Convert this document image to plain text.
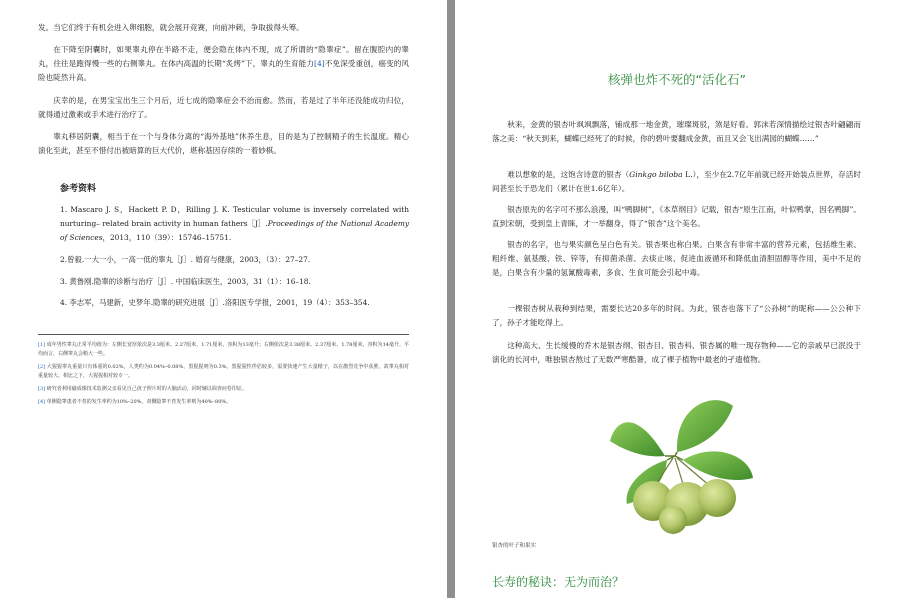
发。当它们终于有机会进入卵细胞，就会展开竞赛，向前冲刺，争取拔得头筹。

在下降至阴囊时，如果睾丸停在半路不走，便会隐在体内不现，成了所谓的“隐睾症”。留在腹腔内的睾丸，往往是跑得慢一些的右侧睾丸。在体内高温的长期“炙烤”下，睾丸的生育能力[4]不免深受重创，癌变的风险也陡然升高。

庆幸的是，在男宝宝出生三个月后，近七成的隐睾症会不治而愈。然而，若是过了半年还没能成功归位，就得通过激素或手术进行治疗了。

睾丸移居阴囊，相当于在一个与身体分离的“海外基地”休养生息，目的是为了控制精子的生长温度。精心演化至此，甚至不惜付出被暗算的巨大代价，堪称基因存续的一着妙棋。

参考资料

1. Mascaro J. S，Hackett P. D，Rilling J. K. Testicular volume is inversely correlated with nurturing– related brain activity in human fathers［J］.Proceedings of the National Academy of Sciences，2013，110（39）：15746–15751.

2.曾毅.一大一小，一高一低的睾丸［J］. 婚育与健康，2003，（3）：27–27.

3. 黄鲁刚.隐睾的诊断与治疗［J］. 中国临床医生，2003，31（1）：16–18.

4. 李志军，马建新，史梦年.隐睾的研究进展［J］.洛阳医专学报，2001，19（4）：353–354.

[1] 成年男性睾丸正常平均值为：左侧长宽厚依次是3.3厘米、2.27厘米、1.71厘米，容积为13毫升；右侧依次是3.38厘米、2.37厘米、1.78厘米，容积为14毫升。平均而言，右侧睾丸会稍大一些。

[2] 大猩猩睾丸重量只有体重的0.02%，人类约为0.04%–0.08%，黑猩猩则为0.3%。黑猩猩性伴侣较多，需要快速产生大量精子，以在激烈竞争中获胜，故睾丸相对重量较大。相比之下，大猩猩相对较专一。

[3] 研究者利用磁成像技术监测父亲看见自己孩子照片时的大脑活动，同时辅以调查问卷印证。

[4] 单侧隐睾患者不育的发生率约为10%–20%，双侧隐睾不育发生率则为40%–80%。

核弹也炸不死的“活化石”

秋来，金黄的银杏叶飒飒飘落，铺成那一地金黄，璀璨斑驳，煞是好看。郭沫若深情描绘过银杏叶翩翩而落之美：“秋天到来，蝴蝶已经死了的时候，你的碧叶要翻成金黄，而且又会飞出满园的蝴蝶……”

难以想象的是，这饱含诗意的银杏（Ginkgo biloba L.），至少在2.7亿年前就已经开始装点世界，存活时间甚至长于恐龙们（累计在世1.6亿年）。

银杏原先的名字可不那么浪漫，叫“鸭脚树”，《本草纲目》记载，银杏“原生江南，叶似鸭掌，因名鸭脚”。直到宋朝，受到皇上青睐，才一举翻身，得了“银杏”这个美名。

银杏的名字，也与果实颜色呈白色有关。银杏果也称白果。白果含有非常丰富的营养元素，包括维生素、粗纤维、氨基酸、铁、锌等，有抑菌杀菌、去痰止咳、促进血液循环和降低血清胆固醇等作用，美中不足的是，白果含有少量的氢氰酸毒素，多食、生食可能会引起中毒。

一棵银杏树从栽种到结果，需要长达20多年的时间。为此，银杏也落下了“公孙树”的昵称——公公种下了，孙子才能吃得上。

这种高大、生长缓慢的乔木是银杏纲、银杏目、银杏科、银杏属的唯一现存物种——它的亲戚早已泯没于演化的长河中，唯独银杏熬过了无数严寒酷暑，成了裸子植物中最老的孑遗植物。

银杏的叶子和果实
长寿的秘诀：无为而治？
